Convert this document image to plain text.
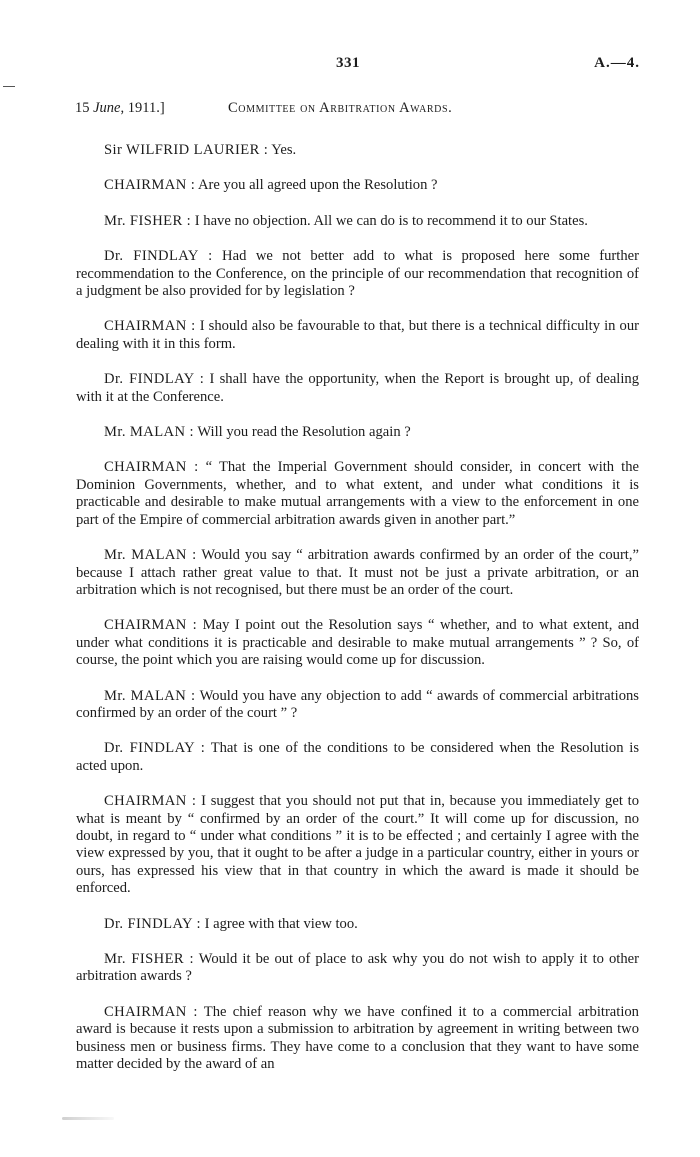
331	A.—4.
15 June, 1911.]	Committee on Arbitration Awards.

Sir WILFRID LAURIER : Yes.

CHAIRMAN : Are you all agreed upon the Resolution ?

Mr. FISHER : I have no objection. All we can do is to recommend it to our States.

Dr. FINDLAY : Had we not better add to what is proposed here some further recommendation to the Conference, on the principle of our recommendation that recognition of a judgment be also provided for by legislation ?

CHAIRMAN : I should also be favourable to that, but there is a technical difficulty in our dealing with it in this form.

Dr. FINDLAY : I shall have the opportunity, when the Report is brought up, of dealing with it at the Conference.

Mr. MALAN : Will you read the Resolution again ?

CHAIRMAN : “ That the Imperial Government should consider, in concert with the Dominion Governments, whether, and to what extent, and under what conditions it is practicable and desirable to make mutual arrangements with a view to the enforcement in one part of the Empire of commercial arbitration awards given in another part.”

Mr. MALAN : Would you say “ arbitration awards confirmed by an order of the court,” because I attach rather great value to that. It must not be just a private arbitration, or an arbitration which is not recognised, but there must be an order of the court.

CHAIRMAN : May I point out the Resolution says “ whether, and to what extent, and under what conditions it is practicable and desirable to make mutual arrangements ” ? So, of course, the point which you are raising would come up for discussion.

Mr. MALAN : Would you have any objection to add “ awards of commercial arbitrations confirmed by an order of the court ” ?

Dr. FINDLAY : That is one of the conditions to be considered when the Resolution is acted upon.

CHAIRMAN : I suggest that you should not put that in, because you immediately get to what is meant by “ confirmed by an order of the court.” It will come up for discussion, no doubt, in regard to “ under what conditions ” it is to be effected ; and certainly I agree with the view expressed by you, that it ought to be after a judge in a particular country, either in yours or ours, has expressed his view that in that country in which the award is made it should be enforced.

Dr. FINDLAY : I agree with that view too.

Mr. FISHER : Would it be out of place to ask why you do not wish to apply it to other arbitration awards ?

CHAIRMAN : The chief reason why we have confined it to a commercial arbitration award is because it rests upon a submission to arbitration by agreement in writing between two business men or business firms. They have come to a conclusion that they want to have some matter decided by the award of an
